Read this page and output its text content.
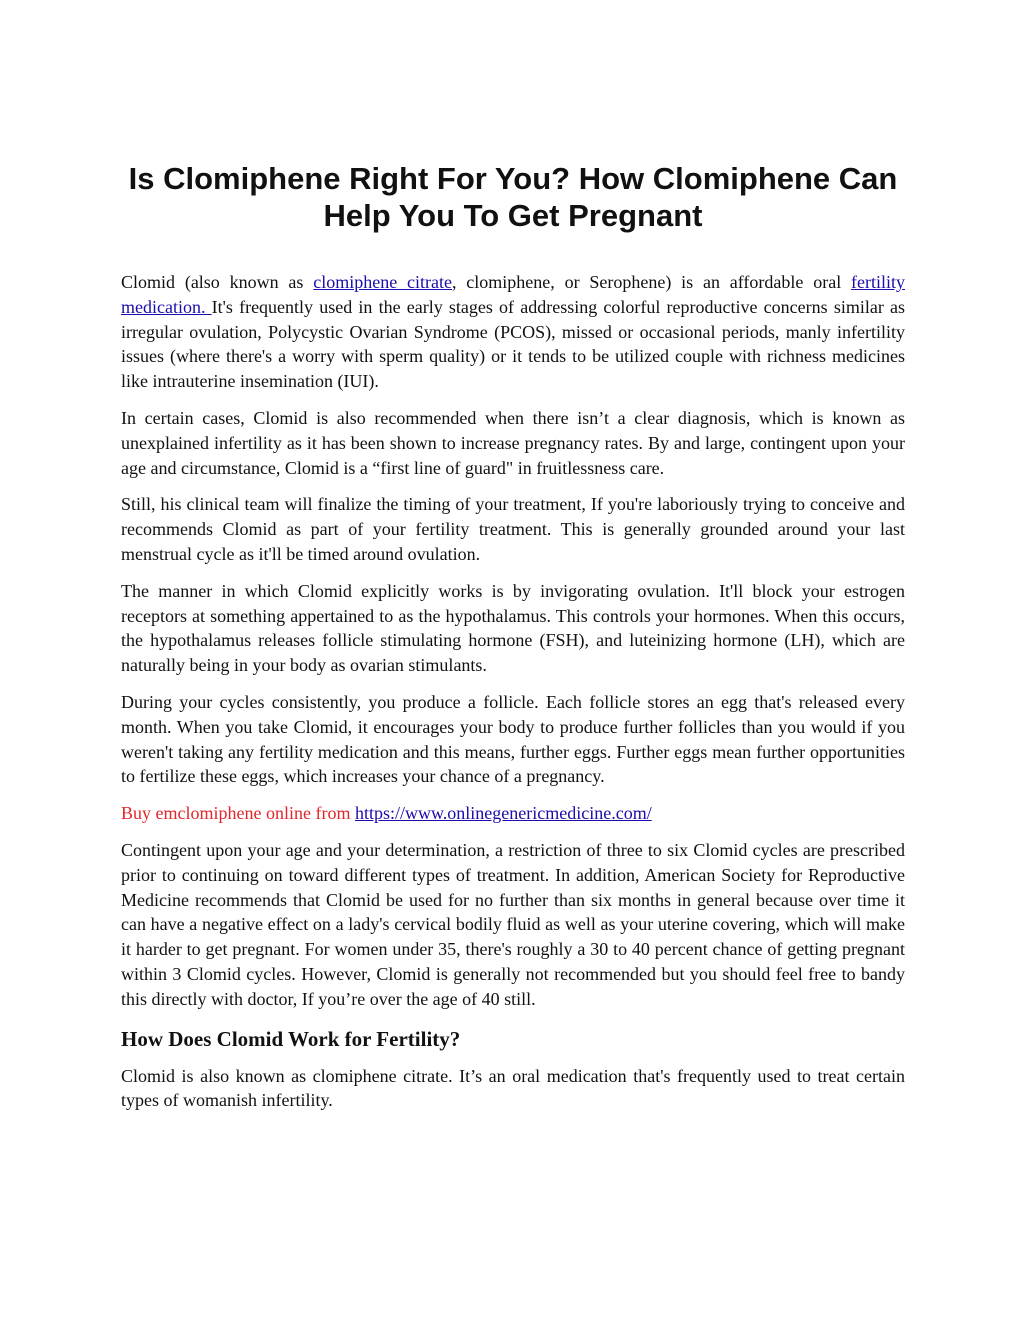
Is Clomiphene Right For You? How Clomiphene Can Help You To Get Pregnant

Clomid (also known as clomiphene citrate, clomiphene, or Serophene) is an affordable oral fertility medication. It's frequently used in the early stages of addressing colorful reproductive concerns similar as irregular ovulation, Polycystic Ovarian Syndrome (PCOS), missed or occasional periods, manly infertility issues (where there's a worry with sperm quality) or it tends to be utilized couple with richness medicines like intrauterine insemination (IUI).

In certain cases, Clomid is also recommended when there isn’t a clear diagnosis, which is known as unexplained infertility as it has been shown to increase pregnancy rates. By and large, contingent upon your age and circumstance, Clomid is a “first line of guard" in fruitlessness care.

Still, his clinical team will finalize the timing of your treatment, If you're laboriously trying to conceive and recommends Clomid as part of your fertility treatment. This is generally grounded around your last menstrual cycle as it'll be timed around ovulation.

The manner in which Clomid explicitly works is by invigorating ovulation. It'll block your estrogen receptors at something appertained to as the hypothalamus. This controls your hormones. When this occurs, the hypothalamus releases follicle stimulating hormone (FSH), and luteinizing hormone (LH), which are naturally being in your body as ovarian stimulants.

During your cycles consistently, you produce a follicle. Each follicle stores an egg that's released every month. When you take Clomid, it encourages your body to produce further follicles than you would if you weren't taking any fertility medication and this means, further eggs. Further eggs mean further opportunities to fertilize these eggs, which increases your chance of a pregnancy.

Buy emclomiphene online from https://www.onlinegenericmedicine.com/

Contingent upon your age and your determination, a restriction of three to six Clomid cycles are prescribed prior to continuing on toward different types of treatment. In addition, American Society for Reproductive Medicine recommends that Clomid be used for no further than six months in general because over time it can have a negative effect on a lady's cervical bodily fluid as well as your uterine covering, which will make it harder to get pregnant. For women under 35, there's roughly a 30 to 40 percent chance of getting pregnant within 3 Clomid cycles. However, Clomid is generally not recommended but you should feel free to bandy this directly with doctor, If you’re over the age of 40 still.

How Does Clomid Work for Fertility?

Clomid is also known as clomiphene citrate. It’s an oral medication that's frequently used to treat certain types of womanish infertility.
